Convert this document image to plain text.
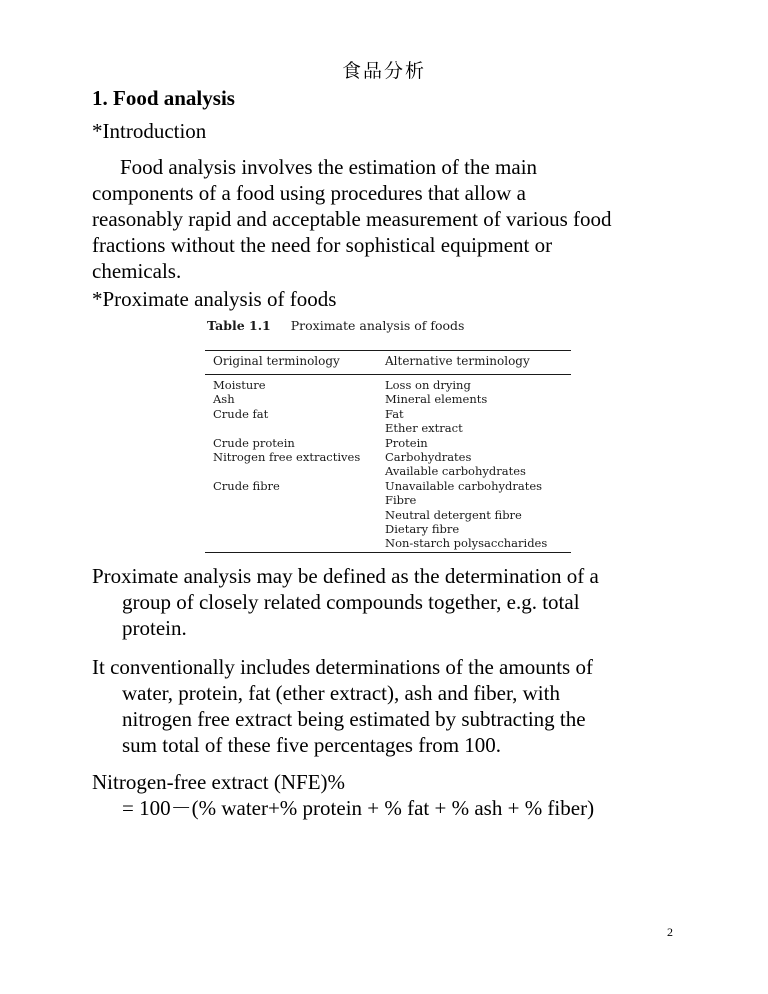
食品分析
1. Food analysis
*Introduction
Food analysis involves the estimation of the main
components of a food using procedures that allow a
reasonably rapid and acceptable measurement of various food
fractions without the need for sophistical equipment or
chemicals.
*Proximate analysis of foods
Table 1.1 Proximate analysis of foods
Original terminology	Alternative terminology
Moisture
Ash
Crude fat
Crude protein
Nitrogen free extractives
Crude fibre
Loss on drying
Mineral elements
Fat
Ether extract
Protein
Carbohydrates
Available carbohydrates
Unavailable carbohydrates
Fibre
Neutral detergent fibre
Dietary fibre
Non-starch polysaccharides
Proximate analysis may be defined as the determination of a
group of closely related compounds together, e.g. total
protein.
It conventionally includes determinations of the amounts of
water, protein, fat (ether extract), ash and fiber, with
nitrogen free extract being estimated by subtracting the
sum total of these five percentages from 100.
Nitrogen-free extract (NFE)%
= 100－(% water+% protein + % fat + % ash + % fiber)
2
